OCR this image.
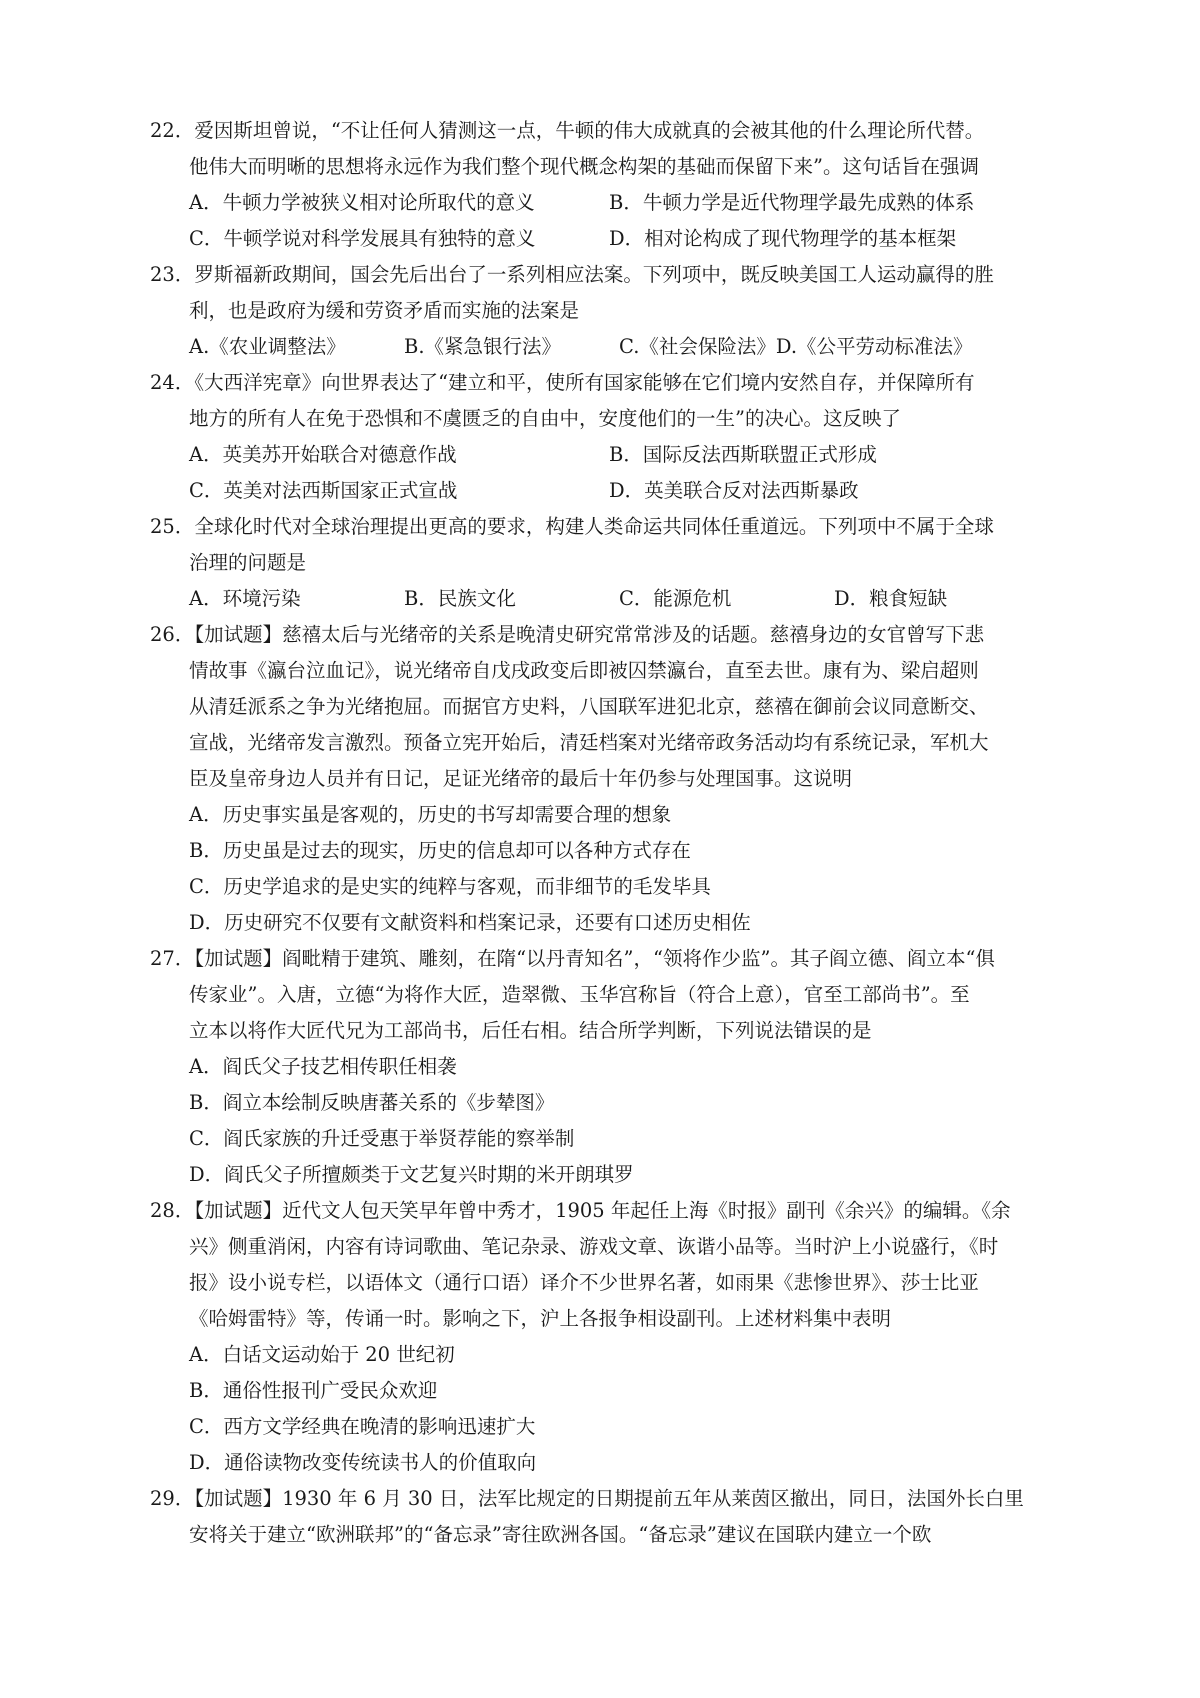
22．爱因斯坦曾说，“不让任何人猜测这一点，牛顿的伟大成就真的会被其他的什么理论所代替。
他伟大而明晰的思想将永远作为我们整个现代概念构架的基础而保留下来”。这句话旨在强调
A．牛顿力学被狭义相对论所取代的意义	B．牛顿力学是近代物理学最先成熟的体系
C．牛顿学说对科学发展具有独特的意义	D．相对论构成了现代物理学的基本框架
23．罗斯福新政期间，国会先后出台了一系列相应法案。下列项中，既反映美国工人运动赢得的胜
利，也是政府为缓和劳资矛盾而实施的法案是
A.《农业调整法》	B.《紧急银行法》	C.《社会保险法》D.《公平劳动标准法》
24．《大西洋宪章》向世界表达了“建立和平，使所有国家能够在它们境内安然自存，并保障所有
地方的所有人在免于恐惧和不虞匮乏的自由中，安度他们的一生”的决心。这反映了
A．英美苏开始联合对德意作战	B．国际反法西斯联盟正式形成
C．英美对法西斯国家正式宣战	D．英美联合反对法西斯暴政
25．全球化时代对全球治理提出更高的要求，构建人类命运共同体任重道远。下列项中不属于全球
治理的问题是
A．环境污染	B．民族文化	C．能源危机	D．粮食短缺
26．【加试题】慈禧太后与光绪帝的关系是晚清史研究常常涉及的话题。慈禧身边的女官曾写下悲
情故事《瀛台泣血记》，说光绪帝自戊戌政变后即被囚禁瀛台，直至去世。康有为、梁启超则
从清廷派系之争为光绪抱屈。而据官方史料，八国联军进犯北京，慈禧在御前会议同意断交、
宣战，光绪帝发言激烈。预备立宪开始后，清廷档案对光绪帝政务活动均有系统记录，军机大
臣及皇帝身边人员并有日记，足证光绪帝的最后十年仍参与处理国事。这说明
A．历史事实虽是客观的，历史的书写却需要合理的想象
B．历史虽是过去的现实，历史的信息却可以各种方式存在
C．历史学追求的是史实的纯粹与客观，而非细节的毛发毕具
D．历史研究不仅要有文献资料和档案记录，还要有口述历史相佐
27．【加试题】阎毗精于建筑、雕刻，在隋“以丹青知名”，“领将作少监”。其子阎立德、阎立本“俱
传家业”。入唐，立德“为将作大匠，造翠微、玉华宫称旨（符合上意），官至工部尚书”。至
立本以将作大匠代兄为工部尚书，后任右相。结合所学判断，下列说法错误的是
A．阎氏父子技艺相传职任相袭
B．阎立本绘制反映唐蕃关系的《步辇图》
C．阎氏家族的升迁受惠于举贤荐能的察举制
D．阎氏父子所擅颇类于文艺复兴时期的米开朗琪罗
28．【加试题】近代文人包天笑早年曾中秀才，1905 年起任上海《时报》副刊《余兴》的编辑。《余
兴》侧重消闲，内容有诗词歌曲、笔记杂录、游戏文章、诙谐小品等。当时沪上小说盛行，《时
报》设小说专栏，以语体文（通行口语）译介不少世界名著，如雨果《悲惨世界》、莎士比亚
《哈姆雷特》等，传诵一时。影响之下，沪上各报争相设副刊。上述材料集中表明
A．白话文运动始于 20 世纪初
B．通俗性报刊广受民众欢迎
C．西方文学经典在晚清的影响迅速扩大
D．通俗读物改变传统读书人的价值取向
29．【加试题】1930 年 6 月 30 日，法军比规定的日期提前五年从莱茵区撤出，同日，法国外长白里
安将关于建立“欧洲联邦”的“备忘录”寄往欧洲各国。“备忘录”建议在国联内建立一个欧
